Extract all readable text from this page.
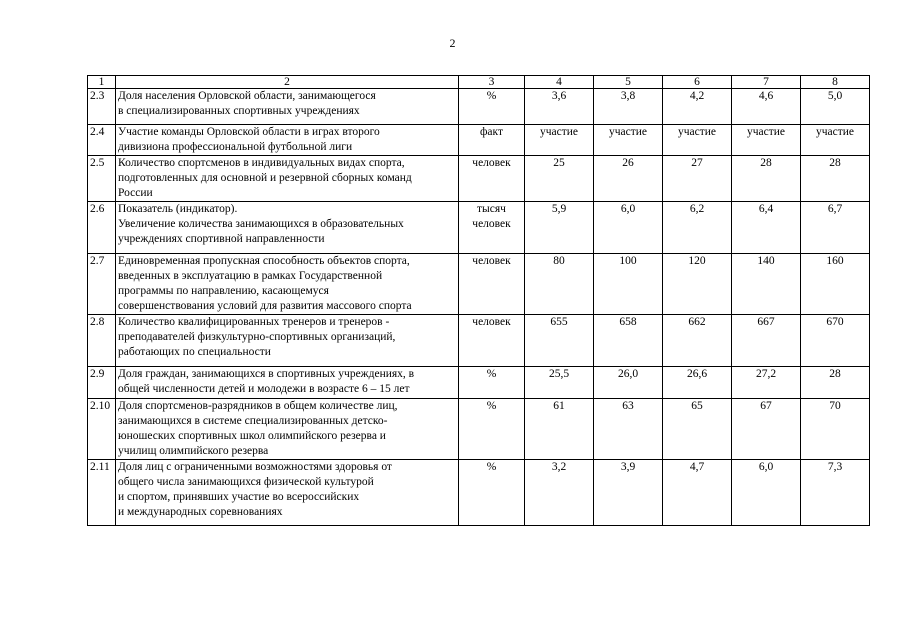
2
1	2	3	4	5	6	7	8
2.3	Доля населения Орловской области, занимающегося
в специализированных спортивных учреждениях	%	3,6	3,8	4,2	4,6	5,0
2.4	Участие команды Орловской области в играх второго
дивизиона профессиональной футбольной лиги	факт	участие	участие	участие	участие	участие
2.5	Количество спортсменов в индивидуальных видах спорта,
подготовленных для основной и резервной сборных команд
России	человек	25	26	27	28	28
2.6	Показатель (индикатор).
Увеличение количества занимающихся в образовательных
учреждениях спортивной направленности	тысяч
человек	5,9	6,0	6,2	6,4	6,7
2.7	Единовременная пропускная способность объектов спорта,
введенных в эксплуатацию в рамках Государственной
программы по направлению, касающемуся
совершенствования условий для развития массового спорта	человек	80	100	120	140	160
2.8	Количество квалифицированных тренеров и тренеров -
преподавателей физкультурно-спортивных организаций,
работающих по специальности	человек	655	658	662	667	670
2.9	Доля граждан, занимающихся в спортивных учреждениях, в
общей численности детей и молодежи в возрасте 6 – 15 лет	%	25,5	26,0	26,6	27,2	28
2.10	Доля спортсменов-разрядников в общем количестве лиц,
занимающихся в системе специализированных детско-
юношеских спортивных школ олимпийского резерва и
училищ олимпийского резерва	%	61	63	65	67	70
2.11	Доля лиц с ограниченными возможностями здоровья от
общего числа занимающихся физической культурой
и спортом, принявших участие во всероссийских
и международных соревнованиях	%	3,2	3,9	4,7	6,0	7,3
